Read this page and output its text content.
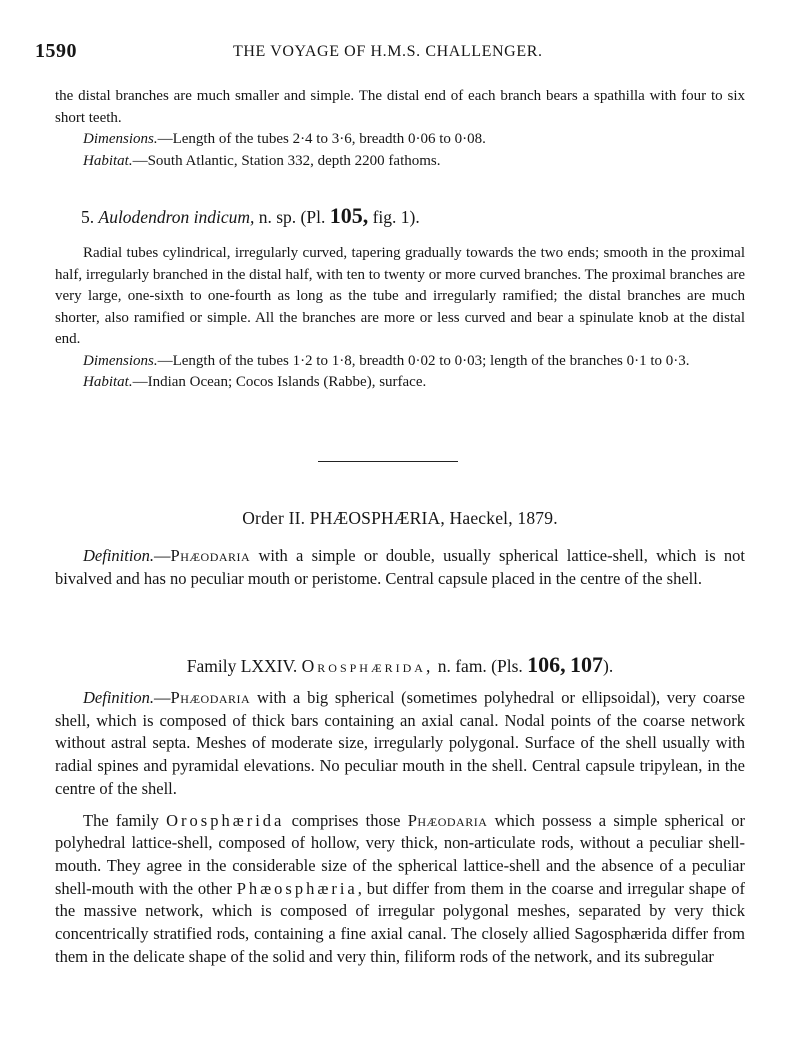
1590	THE VOYAGE OF H.M.S. CHALLENGER.

the distal branches are much smaller and simple. The distal end of each branch bears a spathilla with four to six short teeth.

Dimensions.—Length of the tubes 2·4 to 3·6, breadth 0·06 to 0·08.

Habitat.—South Atlantic, Station 332, depth 2200 fathoms.

5. Aulodendron indicum, n. sp. (Pl. 105, fig. 1).

Radial tubes cylindrical, irregularly curved, tapering gradually towards the two ends; smooth in the proximal half, irregularly branched in the distal half, with ten to twenty or more curved branches. The proximal branches are very large, one-sixth to one-fourth as long as the tube and irregularly ramified; the distal branches are much shorter, also ramified or simple. All the branches are more or less curved and bear a spinulate knob at the distal end.

Dimensions.—Length of the tubes 1·2 to 1·8, breadth 0·02 to 0·03; length of the branches 0·1 to 0·3.

Habitat.—Indian Ocean; Cocos Islands (Rabbe), surface.

Order II. PHÆOSPHÆRIA, Haeckel, 1879.

Definition.—Phæodaria with a simple or double, usually spherical lattice-shell, which is not bivalved and has no peculiar mouth or peristome. Central capsule placed in the centre of the shell.

Family LXXIV. Orosphærida, n. fam. (Pls. 106, 107).

Definition.—Phæodaria with a big spherical (sometimes polyhedral or ellipsoidal), very coarse shell, which is composed of thick bars containing an axial canal. Nodal points of the coarse network without astral septa. Meshes of moderate size, irregularly polygonal. Surface of the shell usually with radial spines and pyramidal elevations. No peculiar mouth in the shell. Central capsule tripylean, in the centre of the shell.

The family Orosphærida comprises those Phæodaria which possess a simple spherical or polyhedral lattice-shell, composed of hollow, very thick, non-articulate rods, without a peculiar shell-mouth. They agree in the considerable size of the spherical lattice-shell and the absence of a peculiar shell-mouth with the other Phæosphæria, but differ from them in the coarse and irregular shape of the massive network, which is composed of irregular polygonal meshes, separated by very thick concentrically stratified rods, containing a fine axial canal. The closely allied Sagosphærida differ from them in the delicate shape of the solid and very thin, filiform rods of the network, and its subregular
